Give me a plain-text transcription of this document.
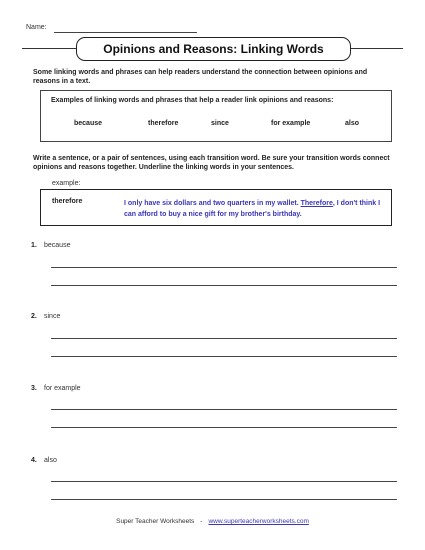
Name:
Opinions and Reasons: Linking Words
Some linking words and phrases can help readers understand the connection between opinions and reasons in a text.
Examples of linking words and phrases that help a reader link opinions and reasons:
because	therefore	since	for example	also
Write a sentence, or a pair of sentences, using each transition word. Be sure your transition words connect opinions and reasons together. Underline the linking words in your sentences.
example:
therefore	I only have six dollars and two quarters in my wallet. Therefore, I don't think I can afford to buy a nice gift for my brother's birthday.
1. because
2. since
3. for example
4. also
Super Teacher Worksheets - www.superteacherworksheets.com
